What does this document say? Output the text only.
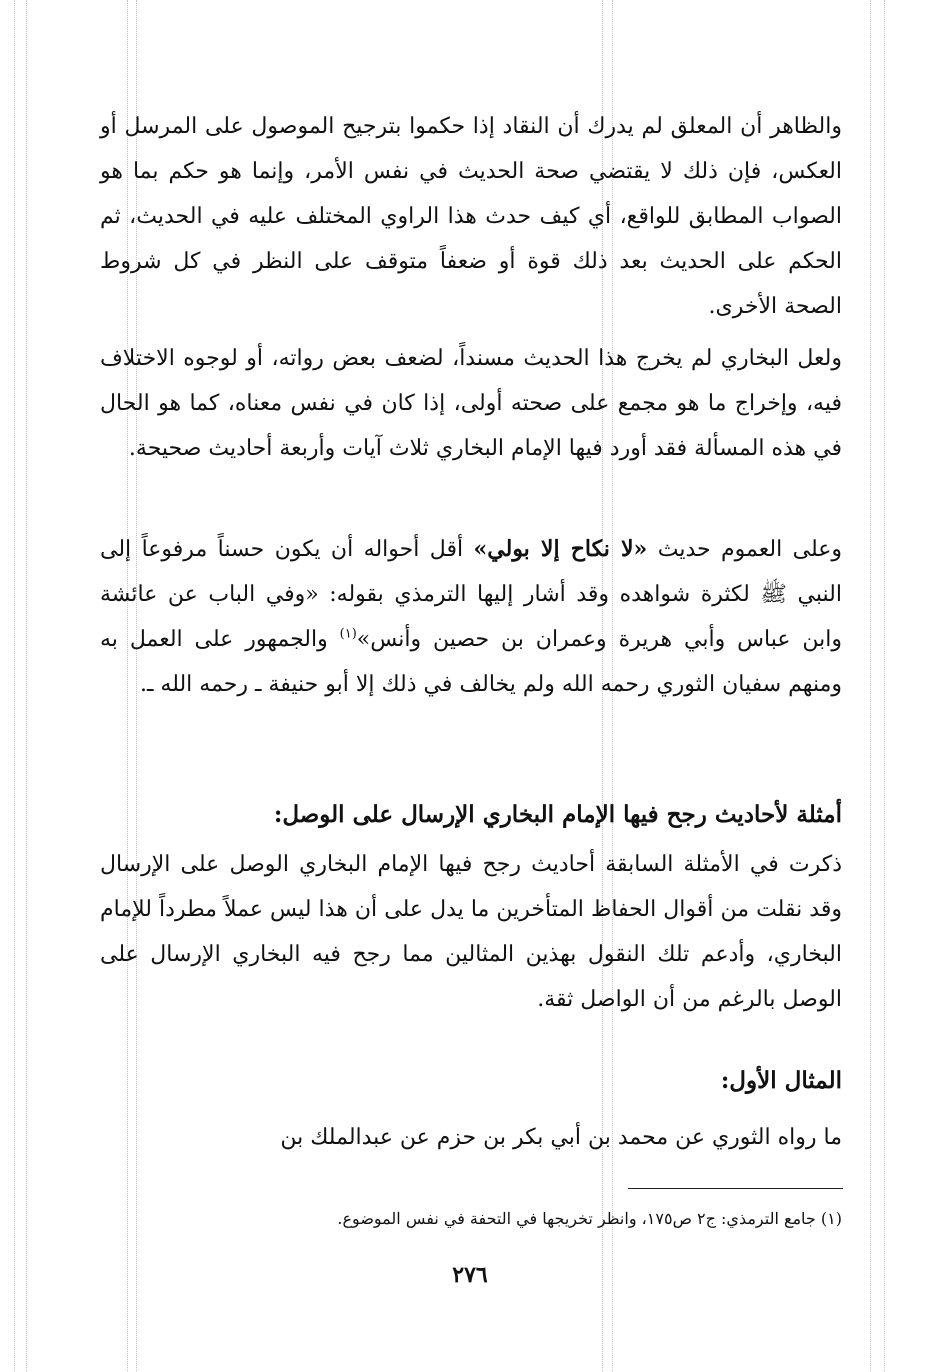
والظاهر أن المعلق لم يدرك أن النقاد إذا حكموا بترجيح الموصول على المرسل أو العكس، فإن ذلك لا يقتضي صحة الحديث في نفس الأمر، وإنما هو حكم بما هو الصواب المطابق للواقع، أي كيف حدث هذا الراوي المختلف عليه في الحديث، ثم الحكم على الحديث بعد ذلك قوة أو ضعفاً متوقف على النظر في كل شروط الصحة الأخرى.

ولعل البخاري لم يخرج هذا الحديث مسنداً، لضعف بعض رواته، أو لوجوه الاختلاف فيه، وإخراج ما هو مجمع على صحته أولى، إذا كان في نفس معناه، كما هو الحال في هذه المسألة فقد أورد فيها الإمام البخاري ثلاث آيات وأربعة أحاديث صحيحة.

وعلى العموم حديث «لا نكاح إلا بولي» أقل أحواله أن يكون حسناً مرفوعاً إلى النبي ﷺ لكثرة شواهده وقد أشار إليها الترمذي بقوله: «وفي الباب عن عائشة وابن عباس وأبي هريرة وعمران بن حصين وأنس»$^{(١)}$ والجمهور على العمل به ومنهم سفيان الثوري رحمه الله ولم يخالف في ذلك إلا أبو حنيفة ـ رحمه الله ـ.

أمثلة لأحاديث رجح فيها الإمام البخاري الإرسال على الوصل:

ذكرت في الأمثلة السابقة أحاديث رجح فيها الإمام البخاري الوصل على الإرسال وقد نقلت من أقوال الحفاظ المتأخرين ما يدل على أن هذا ليس عملاً مطرداً للإمام البخاري، وأدعم تلك النقول بهذين المثالين مما رجح فيه البخاري الإرسال على الوصل بالرغم من أن الواصل ثقة.

المثال الأول:

ما رواه الثوري عن محمد بن أبي بكر بن حزم عن عبدالملك بن

(١) جامع الترمذي: ج٢ ص١٧٥، وانظر تخريجها في التحفة في نفس الموضوع.
٢٧٦
